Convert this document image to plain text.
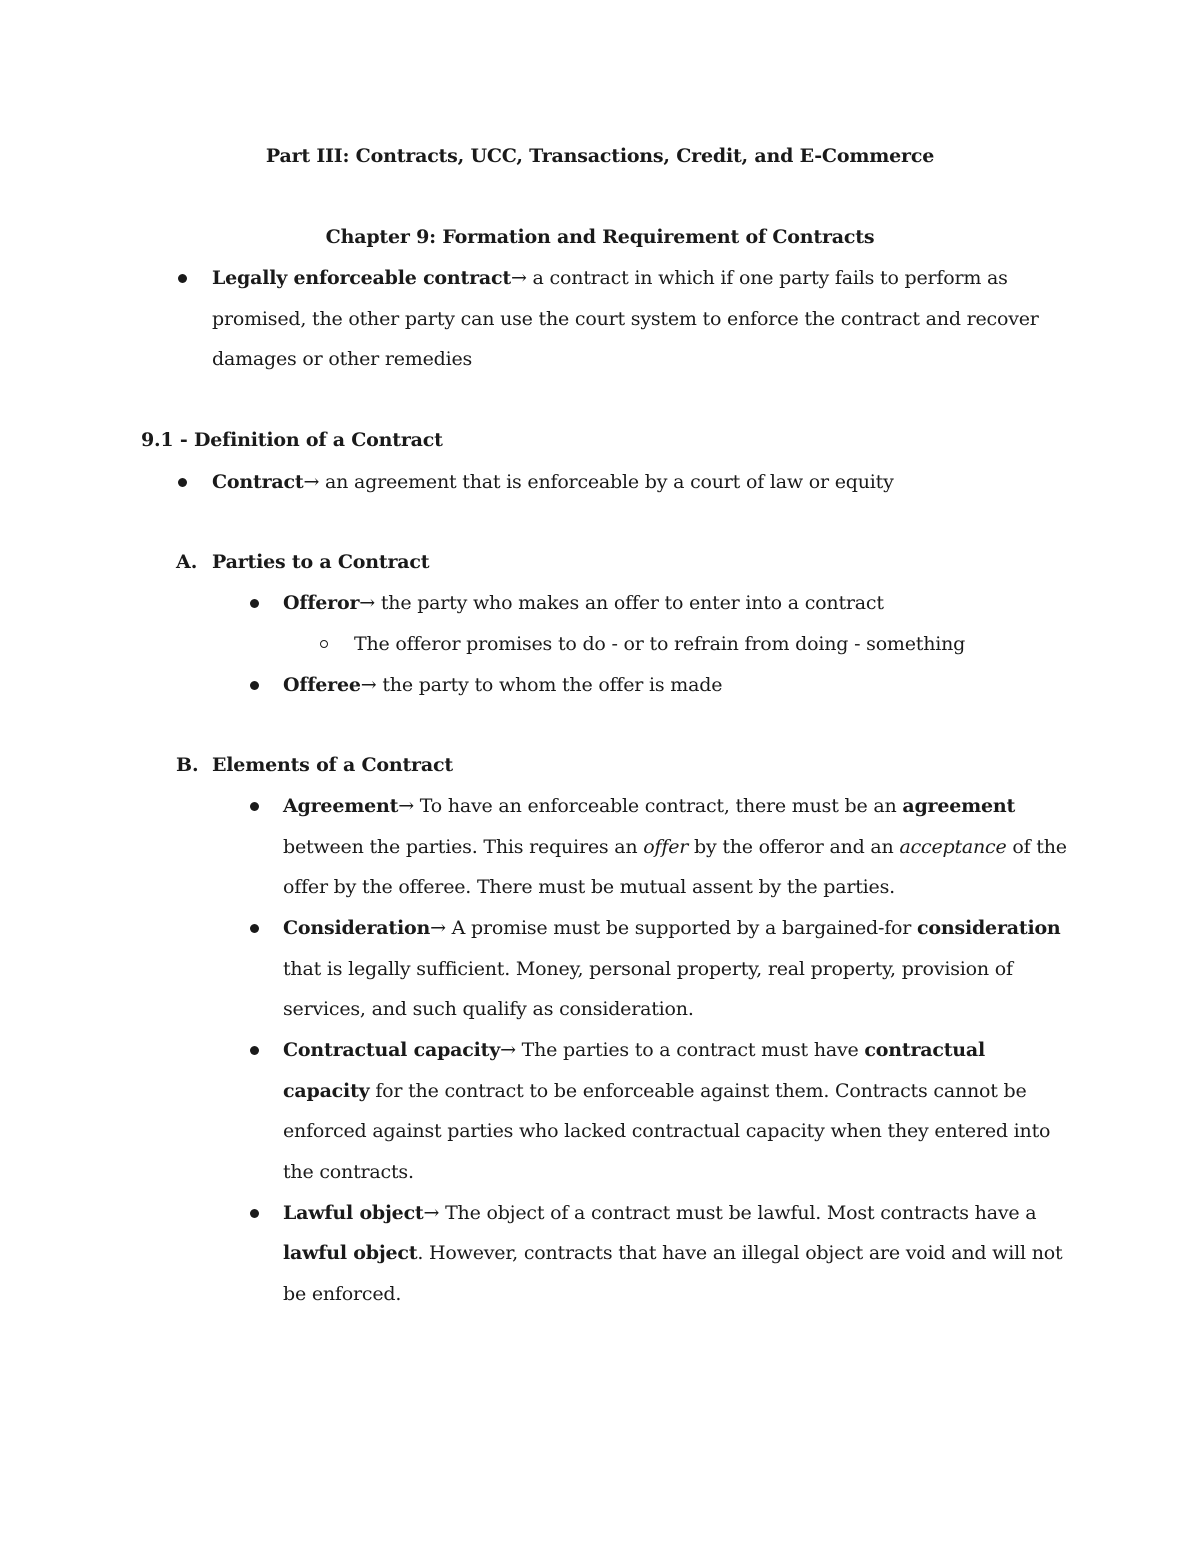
Part III: Contracts, UCC, Transactions, Credit, and E-Commerce
Chapter 9: Formation and Requirement of Contracts
Legally enforceable contract→ a contract in which if one party fails to perform as
promised, the other party can use the court system to enforce the contract and recover
damages or other remedies
9.1 - Definition of a Contract
Contract→ an agreement that is enforceable by a court of law or equity
A. Parties to a Contract
Offeror→ the party who makes an offer to enter into a contract
The offeror promises to do - or to refrain from doing - something
Offeree→ the party to whom the offer is made
B. Elements of a Contract
Agreement→ To have an enforceable contract, there must be an agreement
between the parties. This requires an offer by the offeror and an acceptance of the
offer by the offeree. There must be mutual assent by the parties.
Consideration→ A promise must be supported by a bargained-for consideration
that is legally sufficient. Money, personal property, real property, provision of
services, and such qualify as consideration.
Contractual capacity→ The parties to a contract must have contractual
capacity for the contract to be enforceable against them. Contracts cannot be
enforced against parties who lacked contractual capacity when they entered into
the contracts.
Lawful object→ The object of a contract must be lawful. Most contracts have a
lawful object. However, contracts that have an illegal object are void and will not
be enforced.
